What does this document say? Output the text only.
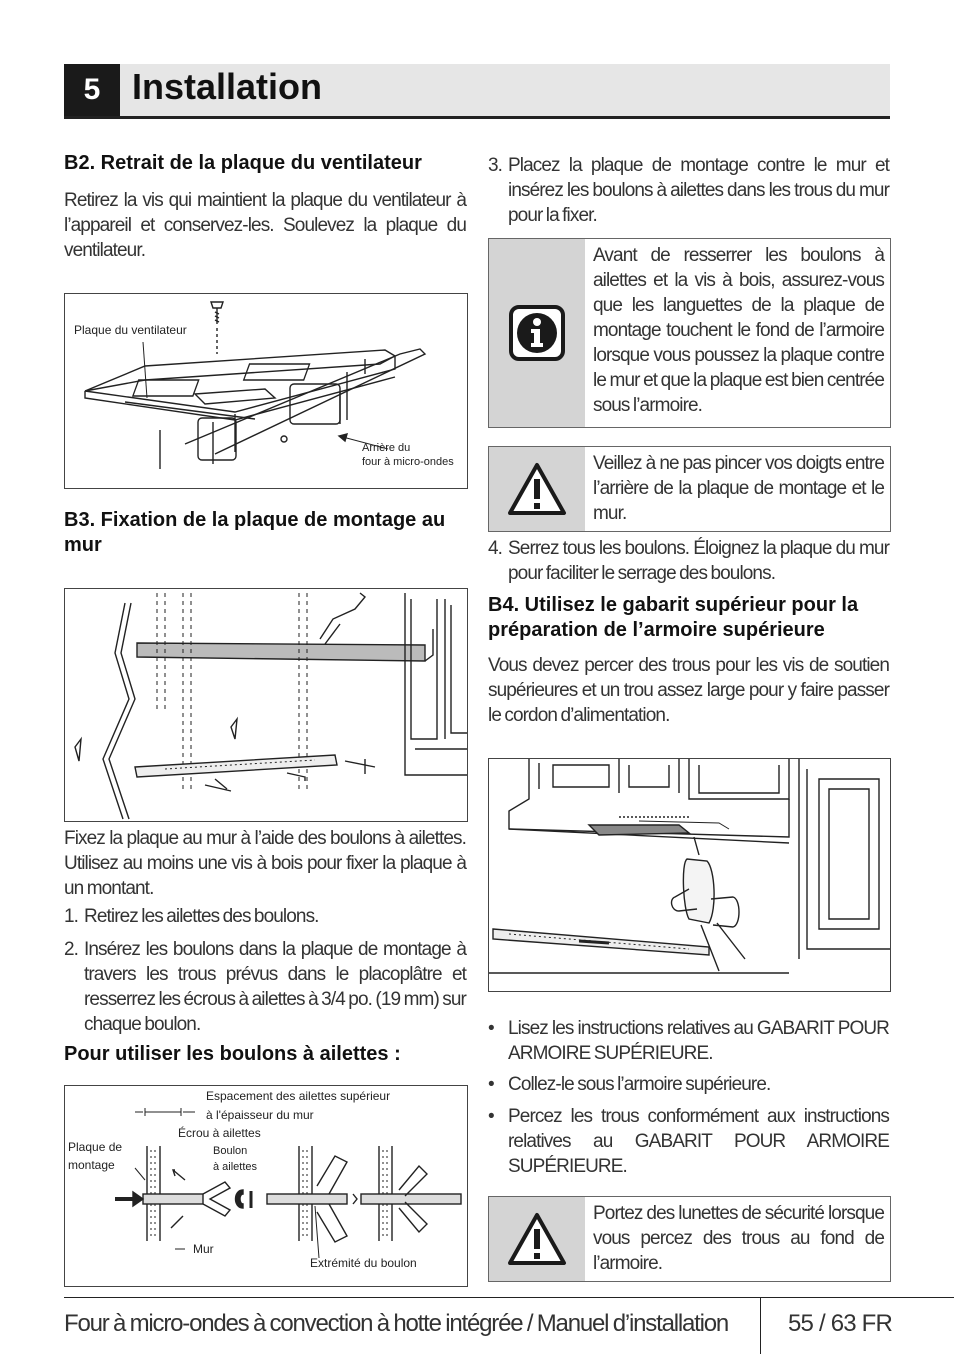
5 Installation
B2. Retrait de la plaque du ventilateur
Retirez la vis qui maintient la plaque du ventilateur à l’appareil et conservez-les. Soulevez la plaque du ventilateur.
Plaque du ventilateur
Arrière du
four à micro-ondes
B3. Fixation de la plaque de montage au mur
Fixez la plaque au mur à l’aide des boulons à ailettes. Utilisez au moins une vis à bois pour fixer la plaque à un montant.
1. Retirez les ailettes des boulons.
2. Insérez les boulons dans la plaque de montage à travers les trous prévus dans le placoplâtre et resserrez les écrous à ailettes à 3/4 po. (19 mm) sur chaque boulon.
Pour utiliser les boulons à ailettes :
Espacement des ailettes supérieur
à l'épaisseur du mur
Écrou à ailettes
Plaque de
montage
Boulon
à ailettes
Mur
Extrémité du boulon
3. Placez la plaque de montage contre le mur et insérez les boulons à ailettes dans les trous du mur pour la fixer.
Avant de resserrer les boulons à ailettes et la vis à bois, assurez-vous que les languettes de la plaque de montage touchent le fond de l’armoire lorsque vous poussez la plaque contre le mur et que la plaque est bien centrée sous l’armoire.
Veillez à ne pas pincer vos doigts entre l’arrière de la plaque de montage et le mur.
4. Serrez tous les boulons. Éloignez la plaque du mur pour faciliter le serrage des boulons.
B4. Utilisez le gabarit supérieur pour la préparation de l’armoire supérieure
Vous devez percer des trous pour les vis de soutien supérieures et un trou assez large pour y faire passer le cordon d’alimentation.
• Lisez les instructions relatives au GABARIT POUR ARMOIRE SUPÉRIEURE.
• Collez-le sous l’armoire supérieure.
• Percez les trous conformément aux instructions relatives au GABARIT POUR ARMOIRE SUPÉRIEURE.
Portez des lunettes de sécurité lorsque vous percez des trous au fond de l’armoire.
Four à micro-ondes à convection à hotte intégrée / Manuel d’installation 55 / 63 FR
